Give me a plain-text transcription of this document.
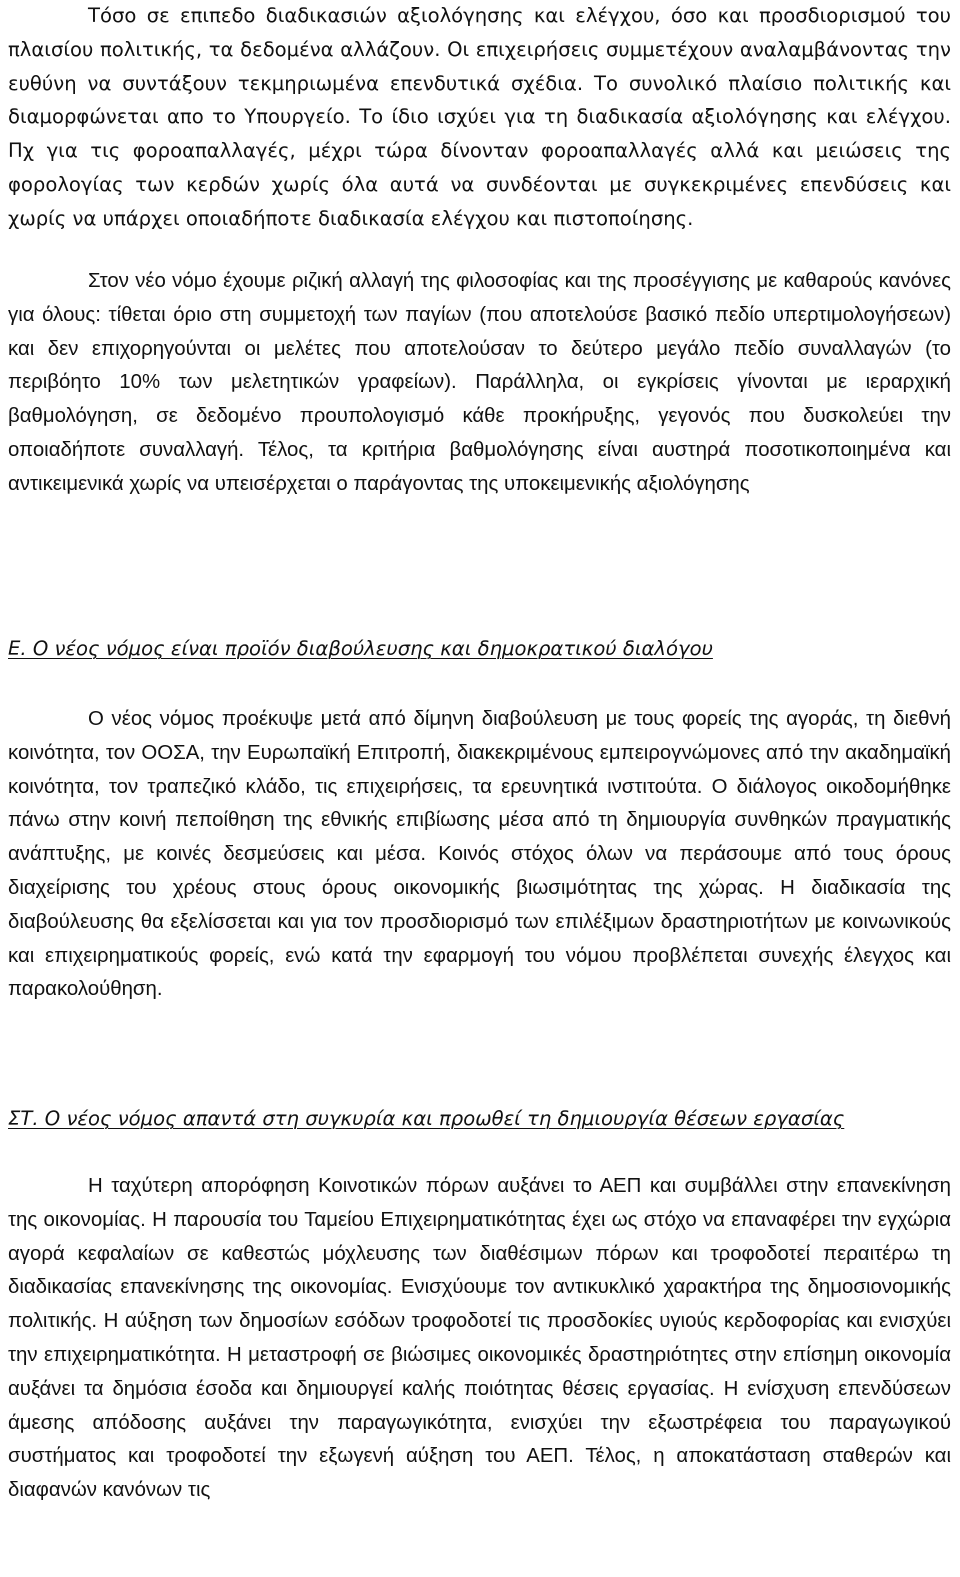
Τόσο σε επιπεδο διαδικασιών αξιολόγησης και ελέγχου, όσο και προσδιορισμού του πλαισίου πολιτικής, τα δεδομένα αλλάζουν. Οι επιχειρήσεις συμμετέχουν αναλαμβάνοντας την ευθύνη να συντάξουν τεκμηριωμένα επενδυτικά σχέδια. Το συνολικό πλαίσιο πολιτικής και διαμορφώνεται απο το Υπουργείο. Το ίδιο ισχύει για τη διαδικασία αξιολόγησης και ελέγχου. Πχ για τις φοροαπαλλαγές, μέχρι τώρα δίνονταν φοροαπαλλαγές αλλά και μειώσεις της φορολογίας των κερδών χωρίς όλα αυτά να συνδέονται με συγκεκριμένες επενδύσεις και χωρίς να υπάρχει οποιαδήποτε διαδικασία ελέγχου και πιστοποίησης.

Στον νέο νόμο έχουμε ριζική αλλαγή της φιλοσοφίας και της προσέγγισης με καθαρούς κανόνες για όλους: τίθεται όριο στη συμμετοχή των παγίων (που αποτελούσε βασικό πεδίο υπερτιμολογήσεων) και δεν επιχορηγούνται οι μελέτες που αποτελούσαν το δεύτερο μεγάλο πεδίο συναλλαγών (το περιβόητο 10% των μελετητικών γραφείων). Παράλληλα, οι εγκρίσεις γίνονται με ιεραρχική βαθμολόγηση, σε δεδομένο προυπολογισμό κάθε προκήρυξης, γεγονός που δυσκολεύει την οποιαδήποτε συναλλαγή. Τέλος, τα κριτήρια βαθμολόγησης είναι αυστηρά ποσοτικοποιημένα και αντικειμενικά χωρίς να υπεισέρχεται ο παράγοντας της υποκειμενικής αξιολόγησης

Ε. Ο νέος νόμος είναι προϊόν διαβούλευσης και δημοκρατικού διαλόγου

Ο νέος νόμος προέκυψε μετά από δίμηνη διαβούλευση με τους φορείς της αγοράς, τη διεθνή κοινότητα, τον ΟΟΣΑ, την Ευρωπαϊκή Επιτροπή, διακεκριμένους εμπειρογνώμονες από την ακαδημαϊκή κοινότητα, τον τραπεζικό κλάδο, τις επιχειρήσεις, τα ερευνητικά ινστιτούτα. Ο διάλογος οικοδομήθηκε πάνω στην κοινή πεποίθηση της εθνικής επιβίωσης μέσα από τη δημιουργία συνθηκών πραγματικής ανάπτυξης, με κοινές δεσμεύσεις και μέσα. Κοινός στόχος όλων να περάσουμε από τους όρους διαχείρισης του χρέους στους όρους οικονομικής βιωσιμότητας της χώρας. Η διαδικασία της διαβούλευσης θα εξελίσσεται και για τον προσδιορισμό των επιλέξιμων δραστηριοτήτων με κοινωνικούς και επιχειρηματικούς φορείς, ενώ κατά την εφαρμογή του νόμου προβλέπεται συνεχής έλεγχος και παρακολούθηση.

ΣΤ. Ο νέος νόμος απαντά στη συγκυρία και προωθεί τη δημιουργία θέσεων εργασίας

Η ταχύτερη απορόφηση Κοινοτικών πόρων αυξάνει το ΑΕΠ και συμβάλλει στην επανεκίνηση της οικονομίας. Η παρουσία του Ταμείου Επιχειρηματικότητας έχει ως στόχο να επαναφέρει την εγχώρια αγορά κεφαλαίων σε καθεστώς μόχλευσης των διαθέσιμων πόρων και τροφοδοτεί περαιτέρω τη διαδικασίας επανεκίνησης της οικονομίας. Ενισχύουμε τον αντικυκλικό χαρακτήρα της δημοσιονομικής πολιτικής. Η αύξηση των δημοσίων εσόδων τροφοδοτεί τις προσδοκίες υγιούς κερδοφορίας και ενισχύει την επιχειρηματικότητα. Η μεταστροφή σε βιώσιμες οικονομικές δραστηριότητες στην επίσημη οικονομία αυξάνει τα δημόσια έσοδα και δημιουργεί καλής ποιότητας θέσεις εργασίας. Η ενίσχυση επενδύσεων άμεσης απόδοσης αυξάνει την παραγωγικότητα, ενισχύει την εξωστρέφεια του παραγωγικού συστήματος και τροφοδοτεί την εξωγενή αύξηση του ΑΕΠ. Τέλος, η αποκατάσταση σταθερών και διαφανών κανόνων τις
